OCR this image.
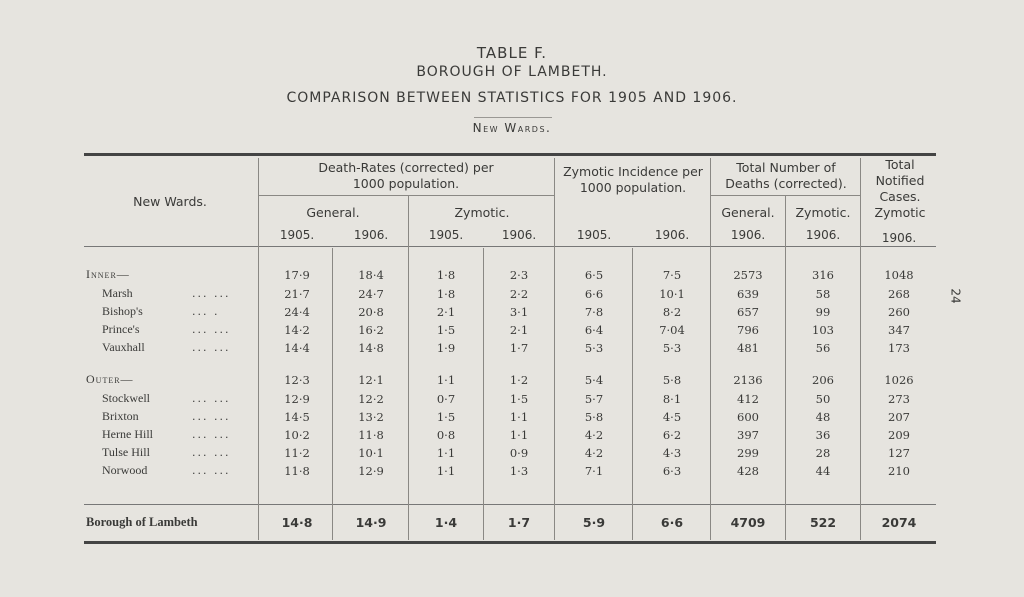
TABLE F.
BOROUGH OF LAMBETH.
COMPARISON BETWEEN STATISTICS FOR 1905 AND 1906.
New Wards.
New Wards.
Death-Rates (corrected) per 1000 population.
General.	Zymotic.
Zymotic Incidence per 1000 population.
Total Number of Deaths (corrected).
General.	Zymotic.
Total Notified Cases. Zymotic
1905.	1906.	1905.	1906.	1905.	1906.	1906.	1906.	1906.
Inner—	17·9	18·4	1·8	2·3	6·5	7·5	2573	316	1048
Marsh	... ...	21·7	24·7	1·8	2·2	6·6	10·1	639	58	268
Bishop's	... .	24·4	20·8	2·1	3·1	7·8	8·2	657	99	260
Prince's	... ...	14·2	16·2	1·5	2·1	6·4	7·04	796	103	347
Vauxhall	... ...	14·4	14·8	1·9	1·7	5·3	5·3	481	56	173
Outer—	12·3	12·1	1·1	1·2	5·4	5·8	2136	206	1026
Stockwell	... ...	12·9	12·2	0·7	1·5	5·7	8·1	412	50	273
Brixton	... ...	14·5	13·2	1·5	1·1	5·8	4·5	600	48	207
Herne Hill	... ...	10·2	11·8	0·8	1·1	4·2	6·2	397	36	209
Tulse Hill	... ...	11·2	10·1	1·1	0·9	4·2	4·3	299	28	127
Norwood	... ...	11·8	12·9	1·1	1·3	7·1	6·3	428	44	210
Borough of Lambeth	14·8	14·9	1·4	1·7	5·9	6·6	4709	522	2074
24
